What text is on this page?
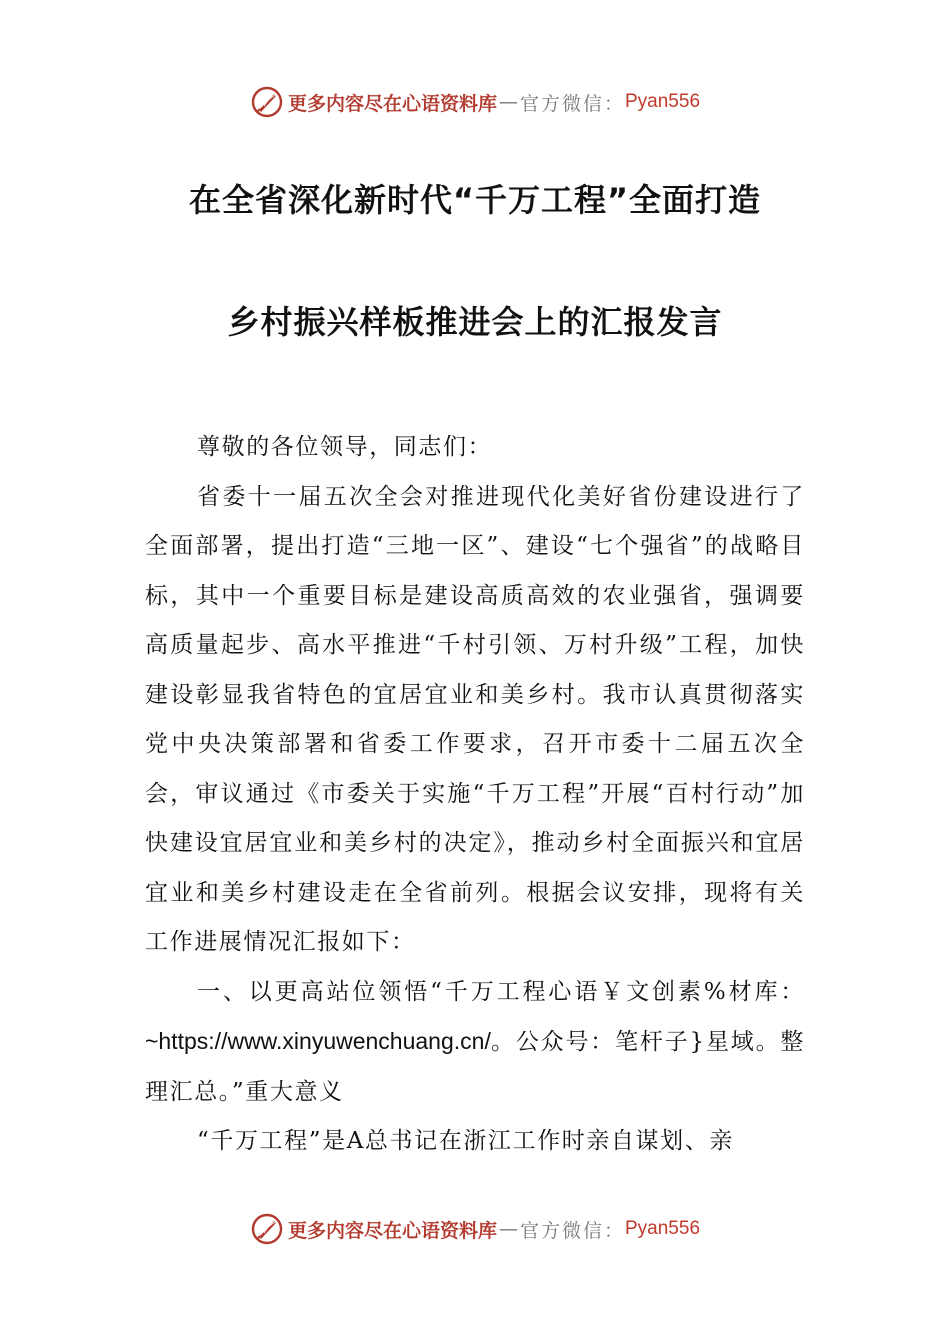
更多内容尽在心语资料库 — 官方微信： Pyan556
在全省深化新时代“千万工程”全面打造
乡村振兴样板推进会上的汇报发言

尊敬的各位领导，同志们：

省委十一届五次全会对推进现代化美好省份建设进行了全面部署，提出打造“三地一区”、建设“七个强省”的战略目标，其中一个重要目标是建设高质高效的农业强省，强调要高质量起步、高水平推进“千村引领、万村升级”工程，加快建设彰显我省特色的宜居宜业和美乡村。我市认真贯彻落实党中央决策部署和省委工作要求，召开市委十二届五次全会，审议通过《市委关于实施“千万工程”开展“百村行动”加快建设宜居宜业和美乡村的决定》，推动乡村全面振兴和宜居宜业和美乡村建设走在全省前列。根据会议安排，现将有关工作进展情况汇报如下：

一、以更高站位领悟“千万工程心语￥文创素%材库：~https://www.xinyuwenchuang.cn/。公众号：笔杆子}星域。整理汇总。”重大意义

“千万工程”是A总书记在浙江工作时亲自谋划、亲

更多内容尽在心语资料库 — 官方微信： Pyan556
